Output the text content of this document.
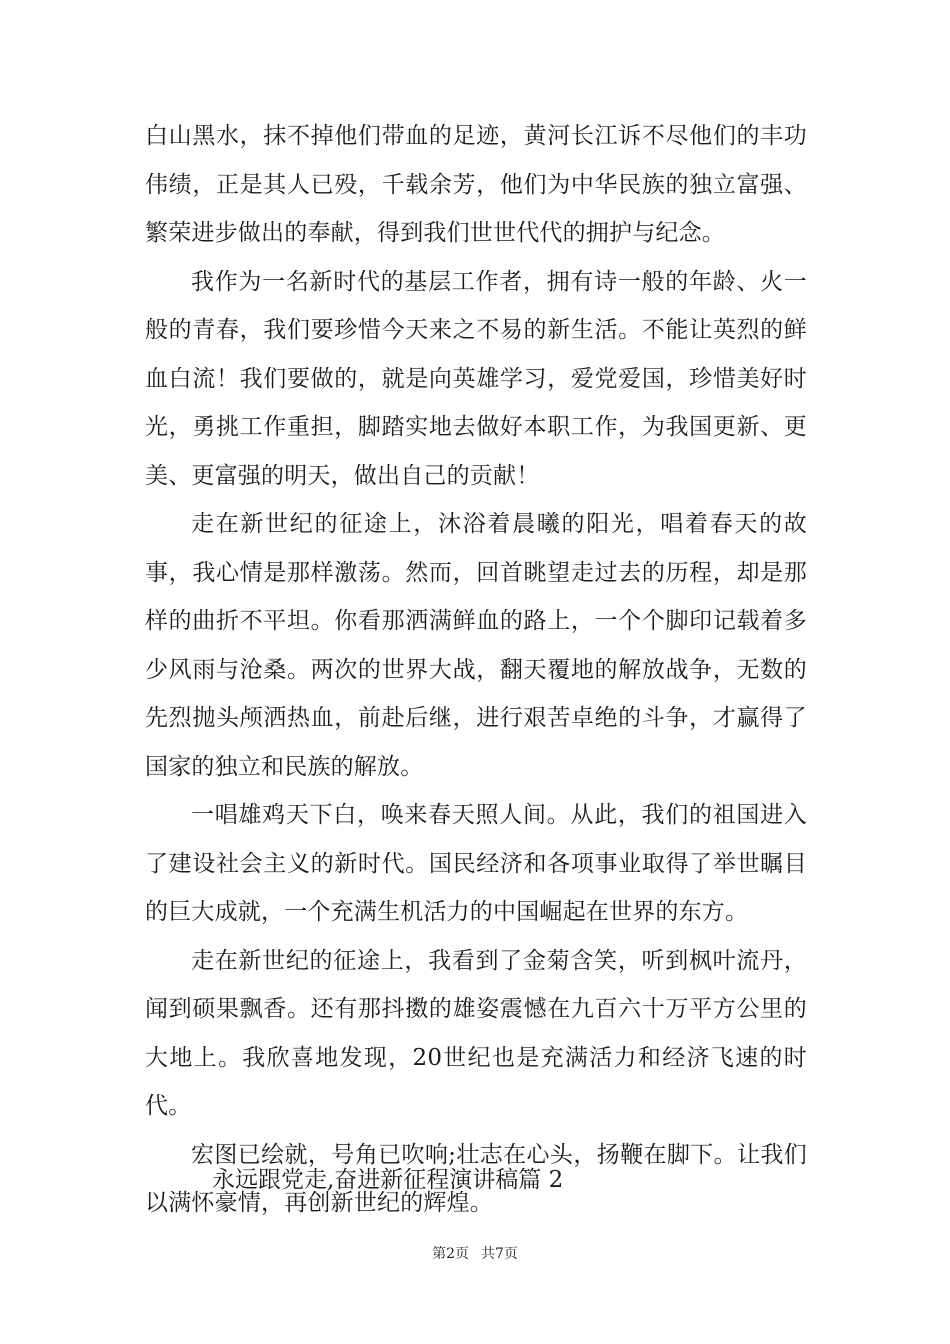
白山黑水，抹不掉他们带血的足迹，黄河长江诉不尽他们的丰功伟绩，正是其人已殁，千载余芳，他们为中华民族的独立富强、繁荣进步做出的奉献，得到我们世世代代的拥护与纪念。

我作为一名新时代的基层工作者，拥有诗一般的年龄、火一般的青春，我们要珍惜今天来之不易的新生活。不能让英烈的鲜血白流！我们要做的，就是向英雄学习，爱党爱国，珍惜美好时光，勇挑工作重担，脚踏实地去做好本职工作，为我国更新、更美、更富强的明天，做出自己的贡献！

走在新世纪的征途上，沐浴着晨曦的阳光，唱着春天的故事，我心情是那样激荡。然而，回首眺望走过去的历程，却是那样的曲折不平坦。你看那洒满鲜血的路上，一个个脚印记载着多少风雨与沧桑。两次的世界大战，翻天覆地的解放战争，无数的先烈抛头颅洒热血，前赴后继，进行艰苦卓绝的斗争，才赢得了国家的独立和民族的解放。

一唱雄鸡天下白，唤来春天照人间。从此，我们的祖国进入了建设社会主义的新时代。国民经济和各项事业取得了举世瞩目的巨大成就，一个充满生机活力的中国崛起在世界的东方。

走在新世纪的征途上，我看到了金菊含笑，听到枫叶流丹，闻到硕果飘香。还有那抖擞的雄姿震憾在九百六十万平方公里的大地上。我欣喜地发现，20世纪也是充满活力和经济飞速的时代。

宏图已绘就，号角已吹响;壮志在心头，扬鞭在脚下。让我们以满怀豪情，再创新世纪的辉煌。

永远跟党走,奋进新征程演讲稿篇 2
第2页 共7页
